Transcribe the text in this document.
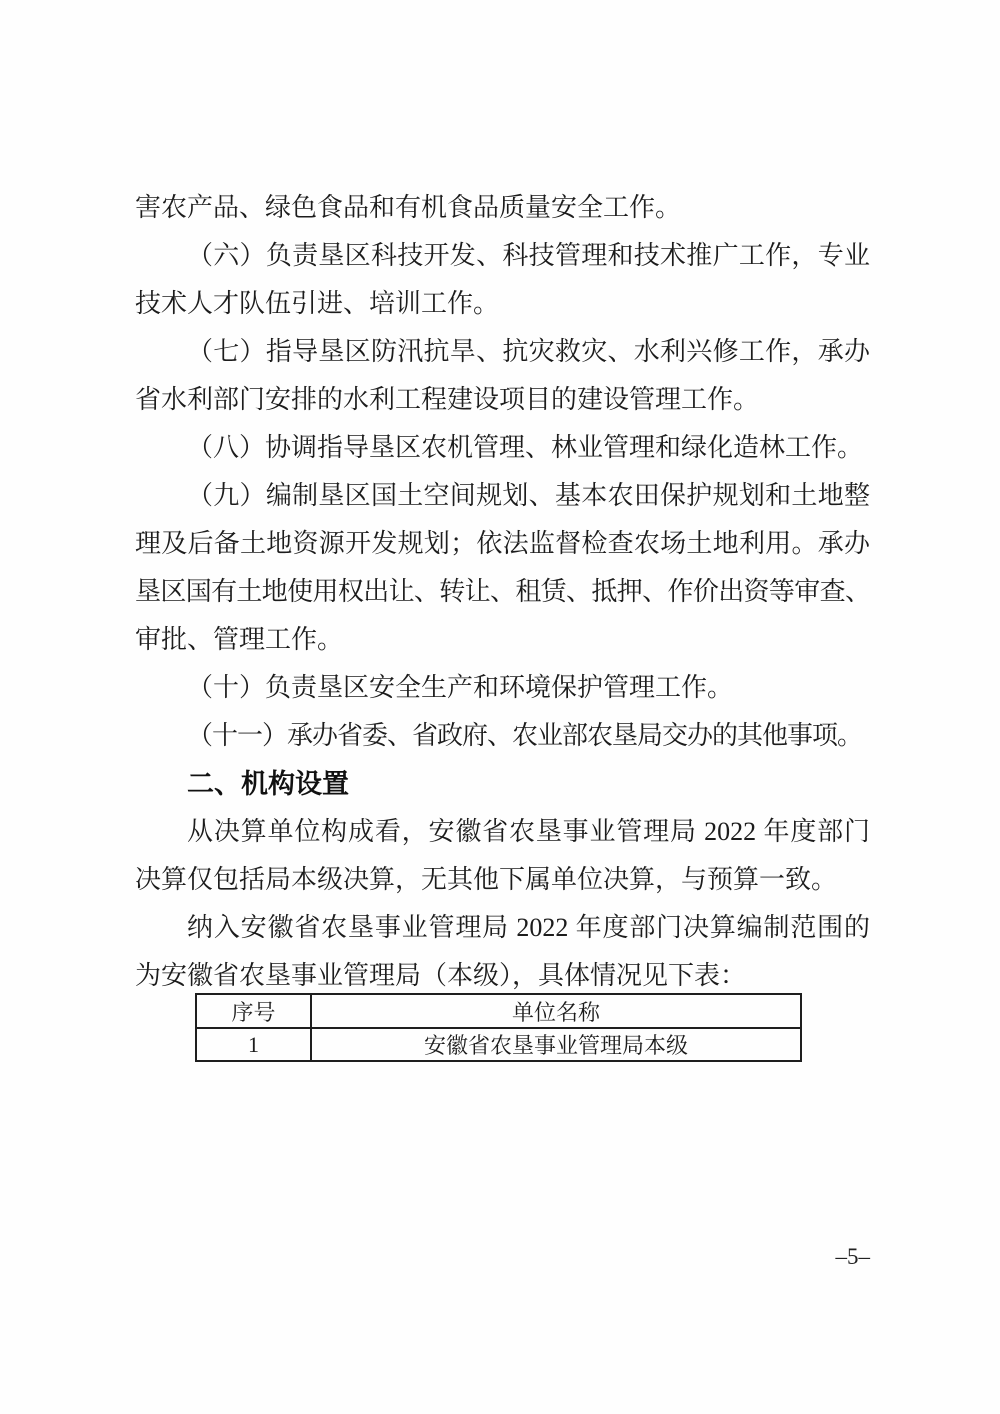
害农产品、绿色食品和有机食品质量安全工作。
（六）负责垦区科技开发、科技管理和技术推广工作，专业
技术人才队伍引进、培训工作。
（七）指导垦区防汛抗旱、抗灾救灾、水利兴修工作，承办
省水利部门安排的水利工程建设项目的建设管理工作。
（八）协调指导垦区农机管理、林业管理和绿化造林工作。
（九）编制垦区国土空间规划、基本农田保护规划和土地整
理及后备土地资源开发规划；依法监督检查农场土地利用。承办
垦区国有土地使用权出让、转让、租赁、抵押、作价出资等审查、
审批、管理工作。
（十）负责垦区安全生产和环境保护管理工作。
（十一）承办省委、省政府、农业部农垦局交办的其他事项。
二、机构设置
从决算单位构成看，安徽省农垦事业管理局 2022 年度部门
决算仅包括局本级决算，无其他下属单位决算，与预算一致。
纳入安徽省农垦事业管理局 2022 年度部门决算编制范围的
为安徽省农垦事业管理局（本级），具体情况见下表：
序号	单位名称
1	安徽省农垦事业管理局本级
–5–
